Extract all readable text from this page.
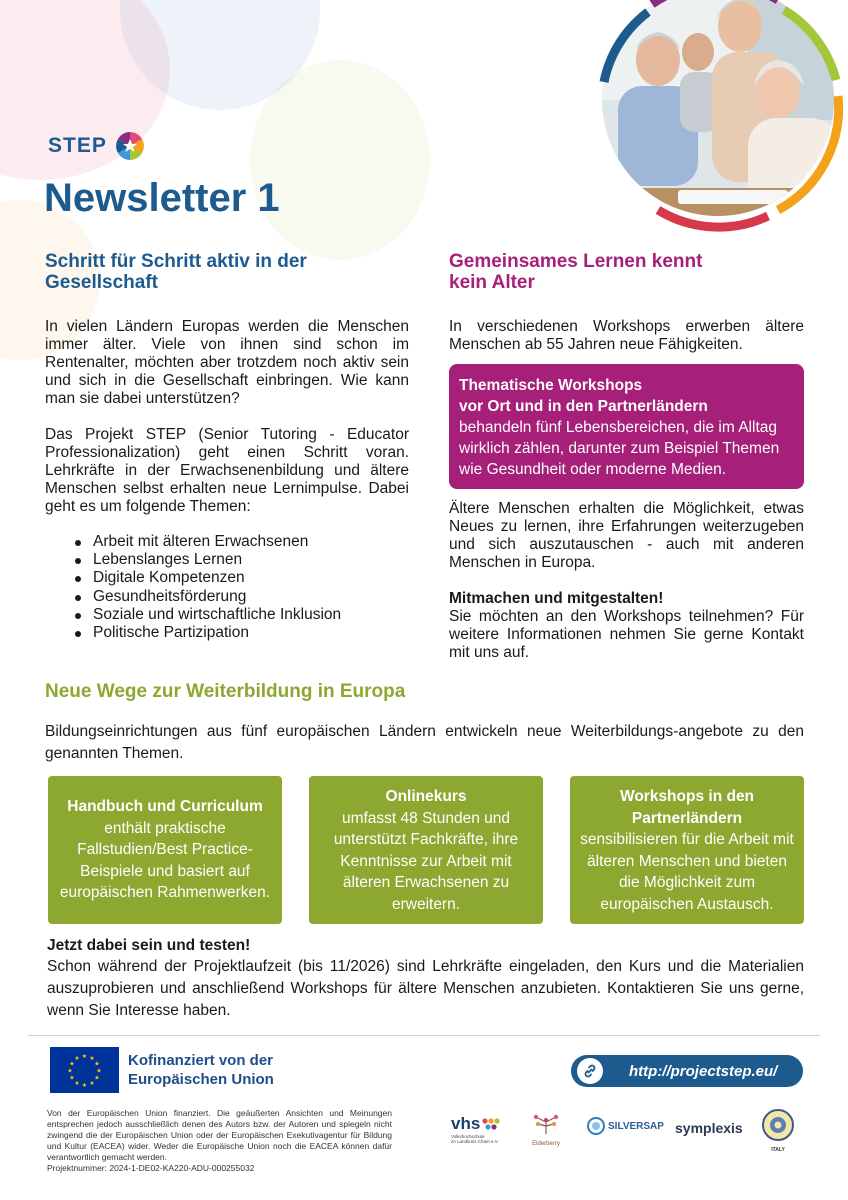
STEP
Newsletter 1
Schritt für Schritt aktiv in der
Gesellschaft

In vielen Ländern Europas werden die Menschen immer älter. Viele von ihnen sind schon im Rentenalter, möchten aber trotzdem noch aktiv sein und sich in die Gesellschaft einbringen. Wie kann man sie dabei unterstützen?

Das Projekt STEP (Senior Tutoring - Educator Professionalization) geht einen Schritt voran. Lehrkräfte in der Erwachsenenbildung und ältere Menschen selbst erhalten neue Lernimpulse. Dabei geht es um folgende Themen:

Arbeit mit älteren Erwachsenen
Lebenslanges Lernen
Digitale Kompetenzen
Gesundheitsförderung
Soziale und wirtschaftliche Inklusion
Politische Partizipation
Gemeinsames Lernen kennt
kein Alter

In verschiedenen Workshops erwerben ältere Menschen ab 55 Jahren neue Fähigkeiten.

Thematische Workshops
vor Ort und in den Partnerländern
behandeln fünf Lebensbereichen, die im Alltag
wirklich zählen, darunter zum Beispiel Themen
wie Gesundheit oder moderne Medien.

Ältere Menschen erhalten die Möglichkeit, etwas Neues zu lernen, ihre Erfahrungen weiterzugeben und sich auszutauschen - auch mit anderen Menschen in Europa.

Mitmachen und mitgestalten!

Sie möchten an den Workshops teilnehmen? Für weitere Informationen nehmen Sie gerne Kontakt mit uns auf.

Neue Wege zur Weiterbildung in Europa

Bildungseinrichtungen aus fünf europäischen Ländern entwickeln neue Weiterbildungs-angebote zu den genannten Themen.

Handbuch und Curriculum
enthält praktische
Fallstudien/Best Practice-
Beispiele und basiert auf
europäischen Rahmenwerken.
Onlinekurs
umfasst 48 Stunden und
unterstützt Fachkräfte, ihre
Kenntnisse zur Arbeit mit
älteren Erwachsenen zu
erweitern.
Workshops in den
Partnerländern
sensibilisieren für die Arbeit mit
älteren Menschen und bieten
die Möglichkeit zum
europäischen Austausch.

Jetzt dabei sein und testen!

Schon während der Projektlaufzeit (bis 11/2026) sind Lehrkräfte eingeladen, den Kurs und die Materialien auszuprobieren und anschließend Workshops für ältere Menschen anzubieten. Kontaktieren Sie uns gerne, wenn Sie Interesse haben.

★ ★
★
★
★
★
★
★
★
★
★
★	Kofinanziert von der
Europäischen Union	http://projectstep.eu/
Von der Europäischen Union finanziert. Die geäußerten Ansichten und Meinungen entsprechen jedoch ausschließlich denen des Autors bzw. der Autoren und spiegeln nicht zwingend die der Europäischen Union oder der Europäischen Exekutivagentur für Bildung und Kultur (EACEA) wider. Weder die Europäische Union noch die EACEA können dafür verantwortlich gemacht werden.
Projektnummer: 2024-1-DE02-KA220-ADU-000255032
vhs
Volkshochschule
im Landkreis Cham e.V.	Elderberry
SILVERSAP symplexis
ITALY
